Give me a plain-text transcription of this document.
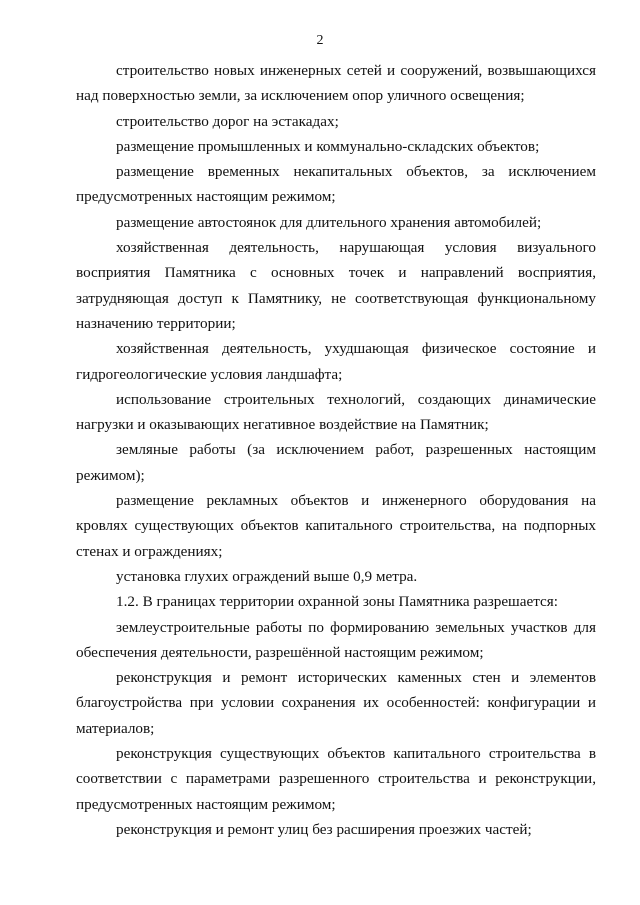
2

строительство новых инженерных сетей и сооружений, возвышающихся над поверхностью земли, за исключением опор уличного освещения;

строительство дорог на эстакадах;

размещение промышленных и коммунально-складских объектов;

размещение временных некапитальных объектов, за исключением предусмотренных настоящим режимом;

размещение автостоянок для длительного хранения автомобилей;

хозяйственная деятельность, нарушающая условия визуального восприятия Памятника с основных точек и направлений восприятия, затрудняющая доступ к Памятнику, не соответствующая функциональному назначению территории;

хозяйственная деятельность, ухудшающая физическое состояние и гидрогеологические условия ландшафта;

использование строительных технологий, создающих динамические нагрузки и оказывающих негативное воздействие на Памятник;

земляные работы (за исключением работ, разрешенных настоящим режимом);

размещение рекламных объектов и инженерного оборудования на кровлях существующих объектов капитального строительства, на подпорных стенах и ограждениях;

установка глухих ограждений выше 0,9 метра.

1.2. В границах территории охранной зоны Памятника разрешается:

землеустроительные работы по формированию земельных участков для обеспечения деятельности, разрешённой настоящим режимом;

реконструкция и ремонт исторических каменных стен и элементов благоустройства при условии сохранения их особенностей: конфигурации и материалов;

реконструкция существующих объектов капитального строительства в соответствии с параметрами разрешенного строительства и реконструкции, предусмотренных настоящим режимом;

реконструкция и ремонт улиц без расширения проезжих частей;
